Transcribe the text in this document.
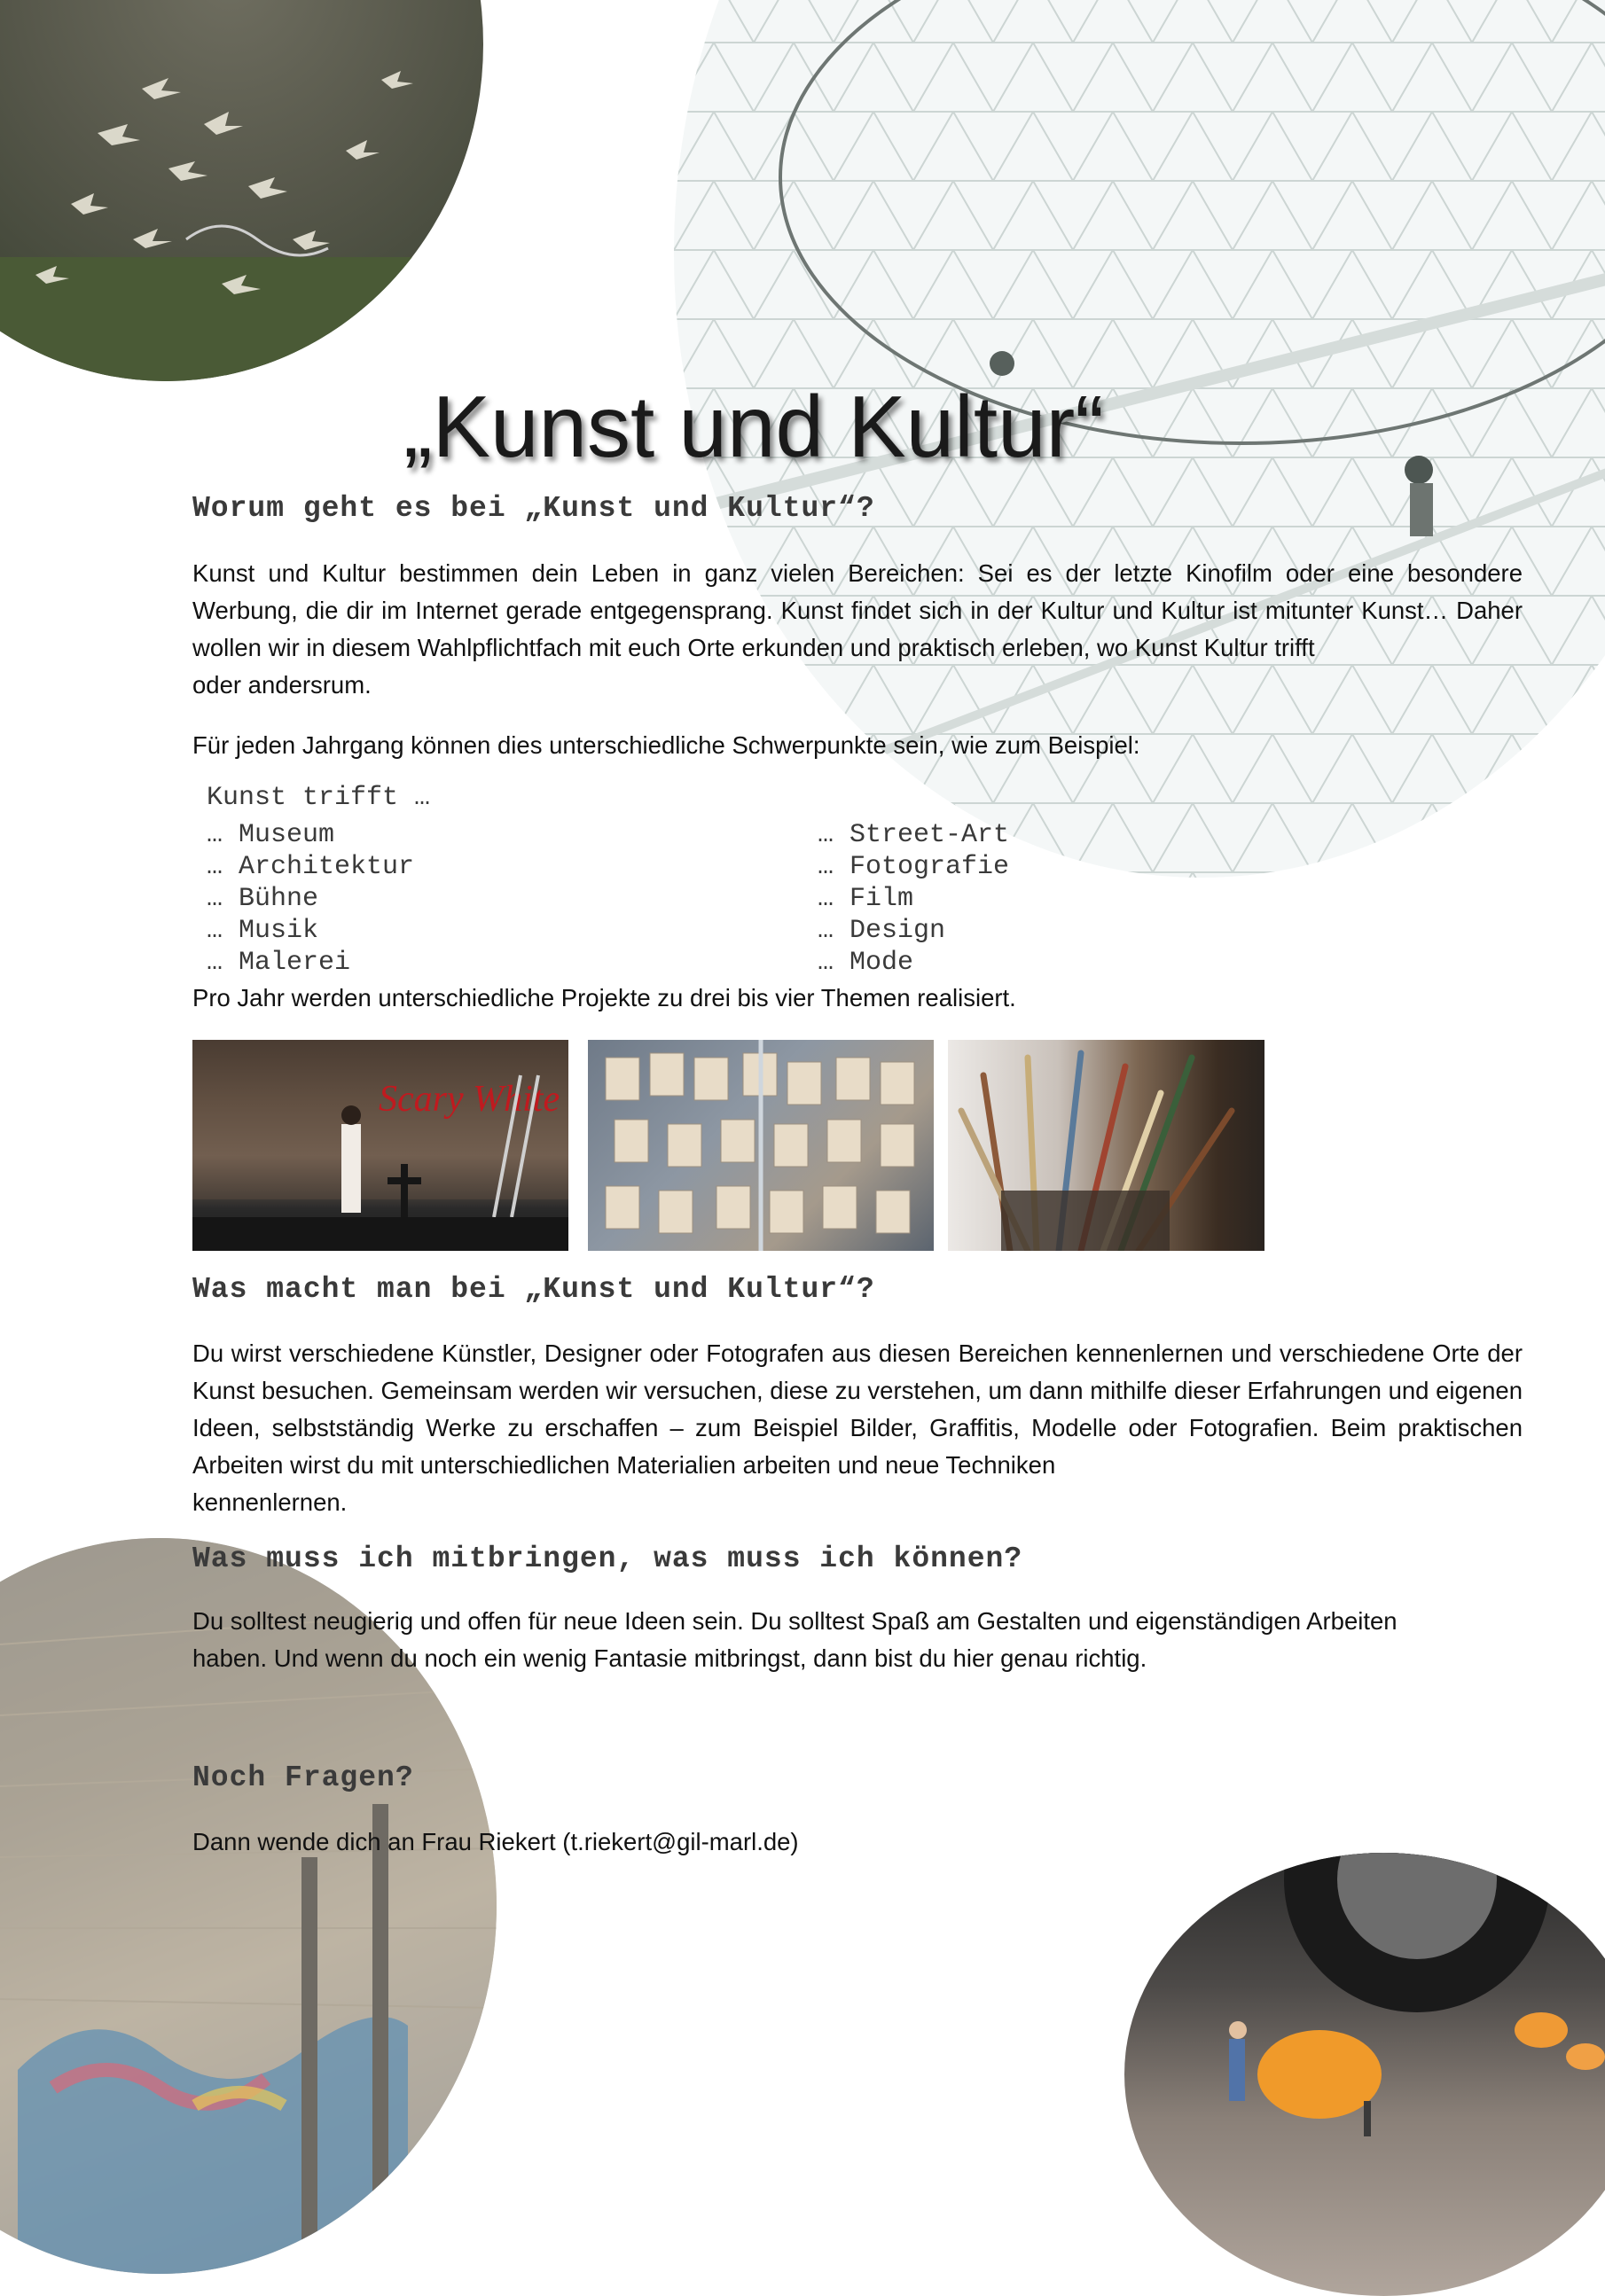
„Kunst und Kultur“
Worum geht es bei „Kunst und Kultur“?

Kunst und Kultur bestimmen dein Leben in ganz vielen Bereichen: Sei es der letzte Kinofilm oder eine besondere Werbung, die dir im Internet gerade entgegensprang. Kunst findet sich in der Kultur und Kultur ist mitunter Kunst… Daher wollen wir in diesem Wahlpflichtfach mit euch Orte erkunden und praktisch erleben, wo Kunst Kultur trifft
oder andersrum.

Für jeden Jahrgang können dies unterschiedliche Schwerpunkte sein, wie zum Beispiel:

Kunst trifft …

… Museum
… Architektur
… Bühne
… Musik
… Malerei
… Street-Art
… Fotografie
… Film
… Design
… Mode

Pro Jahr werden unterschiedliche Projekte zu drei bis vier Themen realisiert.

Scary White
Was macht man bei „Kunst und Kultur“?

Du wirst verschiedene Künstler, Designer oder Fotografen aus diesen Bereichen kennenlernen und verschiedene Orte der Kunst besuchen. Gemeinsam werden wir versuchen, diese zu verstehen, um dann mithilfe dieser Erfahrungen und eigenen Ideen, selbstständig Werke zu erschaffen – zum Beispiel Bilder, Graffitis, Modelle oder Fotografien. Beim praktischen Arbeiten wirst du mit unterschiedlichen Materialien arbeiten und neue Techniken
kennenlernen.

Was muss ich mitbringen, was muss ich können?

Du solltest neugierig und offen für neue Ideen sein. Du solltest Spaß am Gestalten und eigenständigen Arbeiten
haben. Und wenn du noch ein wenig Fantasie mitbringst, dann bist du hier genau richtig.

Noch Fragen?

Dann wende dich an Frau Riekert (t.riekert@gil-marl.de)
